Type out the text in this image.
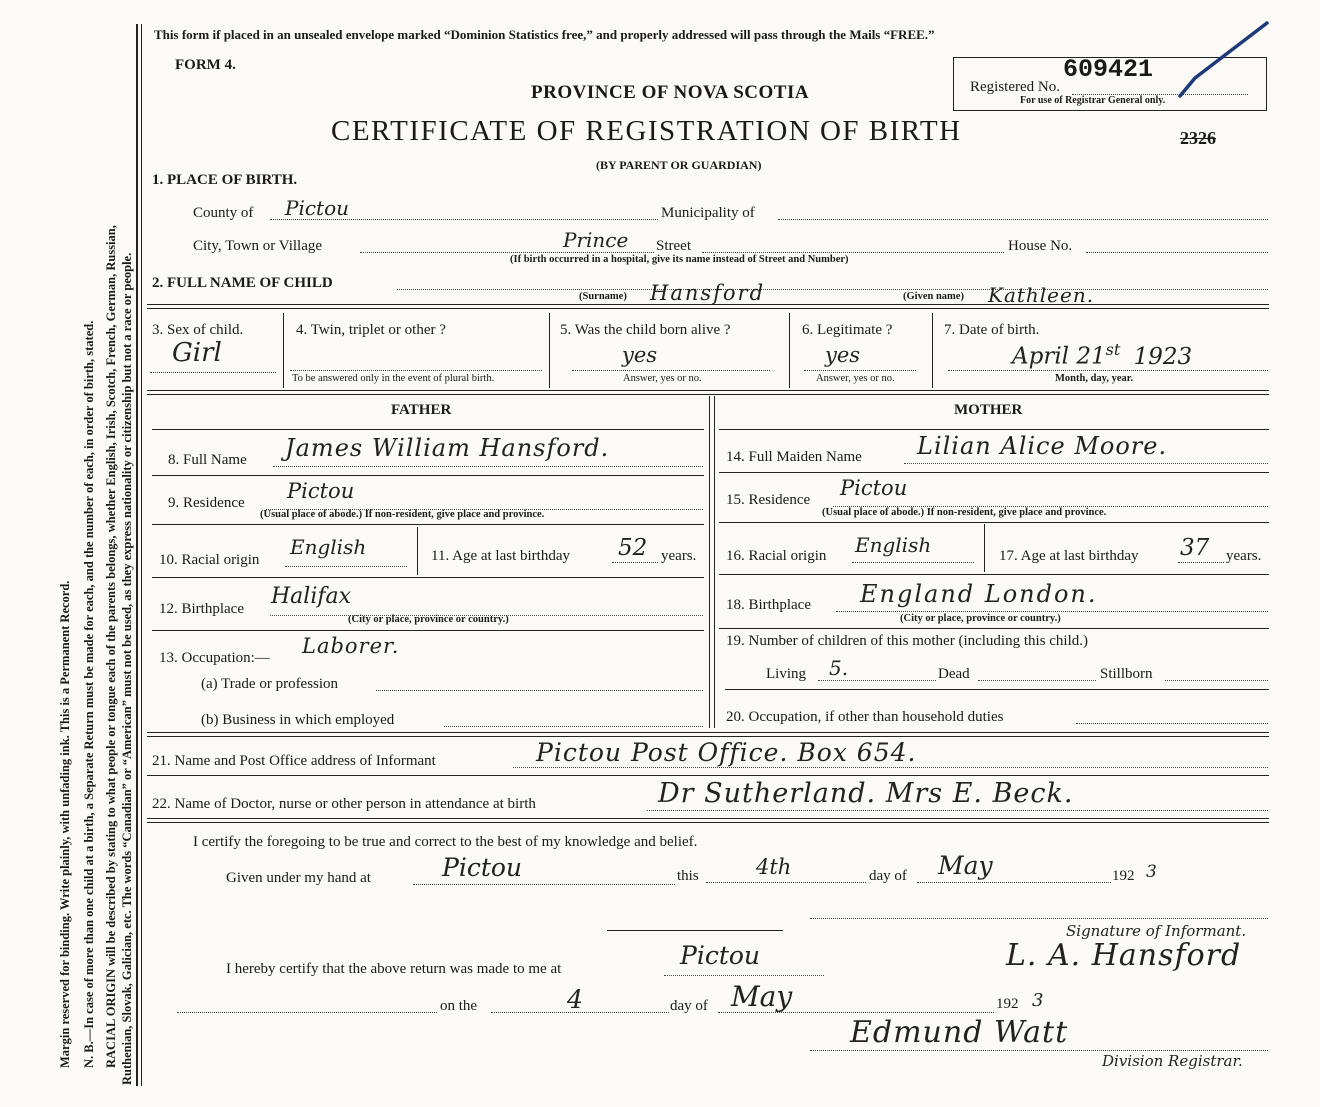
Margin reserved for binding. Write plainly, with unfading ink. This is a Permanent Record. N. B.—In case of more than one child at a birth, a Separate Return must be made for each, and the number of each, in order of birth, stated. RACIAL ORIGIN will be described by stating to what people or tongue each of the parents belongs, whether English, Irish, Scotch, French, German, Russian, Ruthenian, Slovak, Galician, etc. The words “Canadian” or “American” must not be used, as they express nationality or citizenship but not a race or people.
This form if placed in an unsealed envelope marked “Dominion Statistics free,” and properly addressed will pass through the Mails “FREE.”
FORM 4.
PROVINCE OF NOVA SCOTIA
CERTIFICATE OF REGISTRATION OF BIRTH
(BY PARENT OR GUARDIAN)
Registered No.
609421
For use of Registrar General only.
2326
1. PLACE OF BIRTH.
County of Pictou	Municipality of
City, Town or Village	Prince Street	House No.
(If birth occurred in a hospital, give its name instead of Street and Number)
2. FULL NAME OF CHILD
(Surname) Hansford	(Given name) Kathleen.
3. Sex of child.
Girl
4. Twin, triplet or other ?
To be answered only in the event of plural birth.
5. Was the child born alive ?
yes
Answer, yes or no.
6. Legitimate ?
yes
Answer, yes or no.
7. Date of birth.
April 21st 1923
Month, day, year.
FATHER
8. Full Name James William Hansford.
9. Residence Pictou
(Usual place of abode.) If non-resident, give place and province.
10. Racial origin
English	11. Age at last birthday 52 years.
12. Birthplace Halifax
(City or place, province or country.)
13. Occupation:— Laborer.
(a) Trade or profession
(b) Business in which employed
MOTHER
14. Full Maiden Name Lilian Alice Moore.
15. Residence Pictou
(Usual place of abode.) If non-resident, give place and province.
16. Racial origin English	17. Age at last birthday 37 years.
18. Birthplace England London.
(City or place, province or country.)
19. Number of children of this mother (including this child.)
Living 5.	Dead	Stillborn
20. Occupation, if other than household duties
21. Name and Post Office address of Informant	Pictou Post Office. Box 654.
22. Name of Doctor, nurse or other person in attendance at birth	Dr Sutherland. Mrs E. Beck.
I certify the foregoing to be true and correct to the best of my knowledge and belief.
Given under my hand at	Pictou	this	4th	day of May	192 3
Signature of Informant.
I hereby certify that the above return was made to me at	Pictou	L. A. Hansford
on the	4	day of May	192 3
Edmund Watt
Division Registrar.
